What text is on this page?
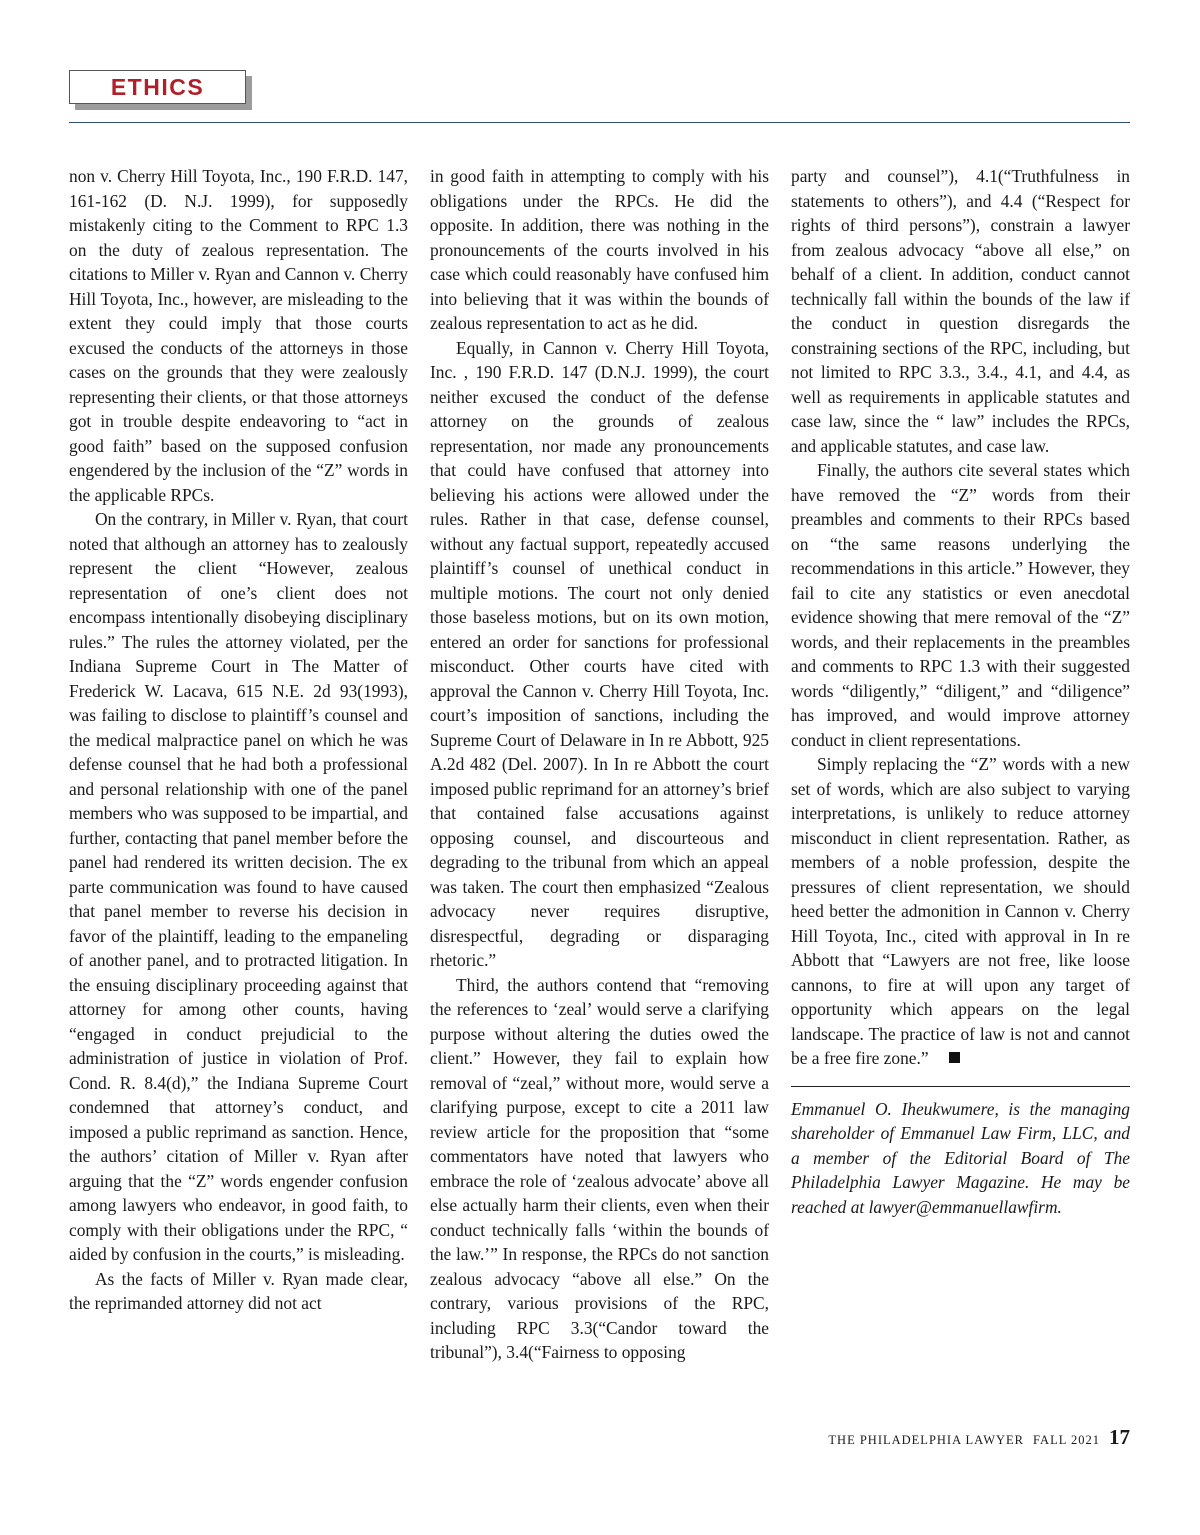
ETHICS

non v. Cherry Hill Toyota, Inc., 190 F.R.D. 147, 161-162 (D. N.J. 1999), for supposedly mistakenly citing to the Comment to RPC 1.3 on the duty of zealous representation. The citations to Miller v. Ryan and Cannon v. Cherry Hill Toyota, Inc., however, are misleading to the extent they could imply that those courts excused the conducts of the attorneys in those cases on the grounds that they were zealously representing their clients, or that those attorneys got in trouble despite endeavoring to “act in good faith” based on the supposed confusion engendered by the inclusion of the “Z” words in the applicable RPCs.

On the contrary, in Miller v. Ryan, that court noted that although an attorney has to zealously represent the client “However, zealous representation of one’s client does not encompass intentionally disobeying disciplinary rules.” The rules the attorney violated, per the Indiana Supreme Court in The Matter of Frederick W. Lacava, 615 N.E. 2d 93(1993), was failing to disclose to plaintiff’s counsel and the medical malpractice panel on which he was defense counsel that he had both a professional and personal relationship with one of the panel members who was supposed to be impartial, and further, contacting that panel member before the panel had rendered its written decision. The ex parte communication was found to have caused that panel member to reverse his decision in favor of the plaintiff, leading to the empaneling of another panel, and to protracted litigation. In the ensuing disciplinary proceeding against that attorney for among other counts, having “engaged in conduct prejudicial to the administration of justice in violation of Prof. Cond. R. 8.4(d),” the Indiana Supreme Court condemned that attorney’s conduct, and imposed a public reprimand as sanction. Hence, the authors’ citation of Miller v. Ryan after arguing that the “Z” words engender confusion among lawyers who endeavor, in good faith, to comply with their obligations under the RPC, “ aided by confusion in the courts,” is misleading.

As the facts of Miller v. Ryan made clear, the reprimanded attorney did not act

in good faith in attempting to comply with his obligations under the RPCs. He did the opposite. In addition, there was nothing in the pronouncements of the courts involved in his case which could reasonably have confused him into believing that it was within the bounds of zealous representation to act as he did.

Equally, in Cannon v. Cherry Hill Toyota, Inc. , 190 F.R.D. 147 (D.N.J. 1999), the court neither excused the conduct of the defense attorney on the grounds of zealous representation, nor made any pronouncements that could have confused that attorney into believing his actions were allowed under the rules. Rather in that case, defense counsel, without any factual support, repeatedly accused plaintiff’s counsel of unethical conduct in multiple motions. The court not only denied those baseless motions, but on its own motion, entered an order for sanctions for professional misconduct. Other courts have cited with approval the Cannon v. Cherry Hill Toyota, Inc. court’s imposition of sanctions, including the Supreme Court of Delaware in In re Abbott, 925 A.2d 482 (Del. 2007). In In re Abbott the court imposed public reprimand for an attorney’s brief that contained false accusations against opposing counsel, and discourteous and degrading to the tribunal from which an appeal was taken. The court then emphasized “Zealous advocacy never requires disruptive, disrespectful, degrading or disparaging rhetoric.”

Third, the authors contend that “removing the references to ‘zeal’ would serve a clarifying purpose without altering the duties owed the client.” However, they fail to explain how removal of “zeal,” without more, would serve a clarifying purpose, except to cite a 2011 law review article for the proposition that “some commentators have noted that lawyers who embrace the role of ‘zealous advocate’ above all else actually harm their clients, even when their conduct technically falls ‘within the bounds of the law.’” In response, the RPCs do not sanction zealous advocacy “above all else.” On the contrary, various provisions of the RPC, including RPC 3.3(“Candor toward the tribunal”), 3.4(“Fairness to opposing

party and counsel”), 4.1(“Truthfulness in statements to others”), and 4.4 (“Respect for rights of third persons”), constrain a lawyer from zealous advocacy “above all else,” on behalf of a client. In addition, conduct cannot technically fall within the bounds of the law if the conduct in question disregards the constraining sections of the RPC, including, but not limited to RPC 3.3., 3.4., 4.1, and 4.4, as well as requirements in applicable statutes and case law, since the “ law” includes the RPCs, and applicable statutes, and case law.

Finally, the authors cite several states which have removed the “Z” words from their preambles and comments to their RPCs based on “the same reasons underlying the recommendations in this article.” However, they fail to cite any statistics or even anecdotal evidence showing that mere removal of the “Z” words, and their replacements in the preambles and comments to RPC 1.3 with their suggested words “diligently,” “diligent,” and “diligence” has improved, and would improve attorney conduct in client representations.

Simply replacing the “Z” words with a new set of words, which are also subject to varying interpretations, is unlikely to reduce attorney misconduct in client representation. Rather, as members of a noble profession, despite the pressures of client representation, we should heed better the admonition in Cannon v. Cherry Hill Toyota, Inc., cited with approval in In re Abbott that “Lawyers are not free, like loose cannons, to fire at will upon any target of opportunity which appears on the legal landscape. The practice of law is not and cannot be a free fire zone.”

Emmanuel O. Iheukwumere, is the managing shareholder of Emmanuel Law Firm, LLC, and a member of the Editorial Board of The Philadelphia Lawyer Magazine. He may be reached at lawyer@emmanuellawfirm.

THE PHILADELPHIA LAWYER FALL 2021 17
